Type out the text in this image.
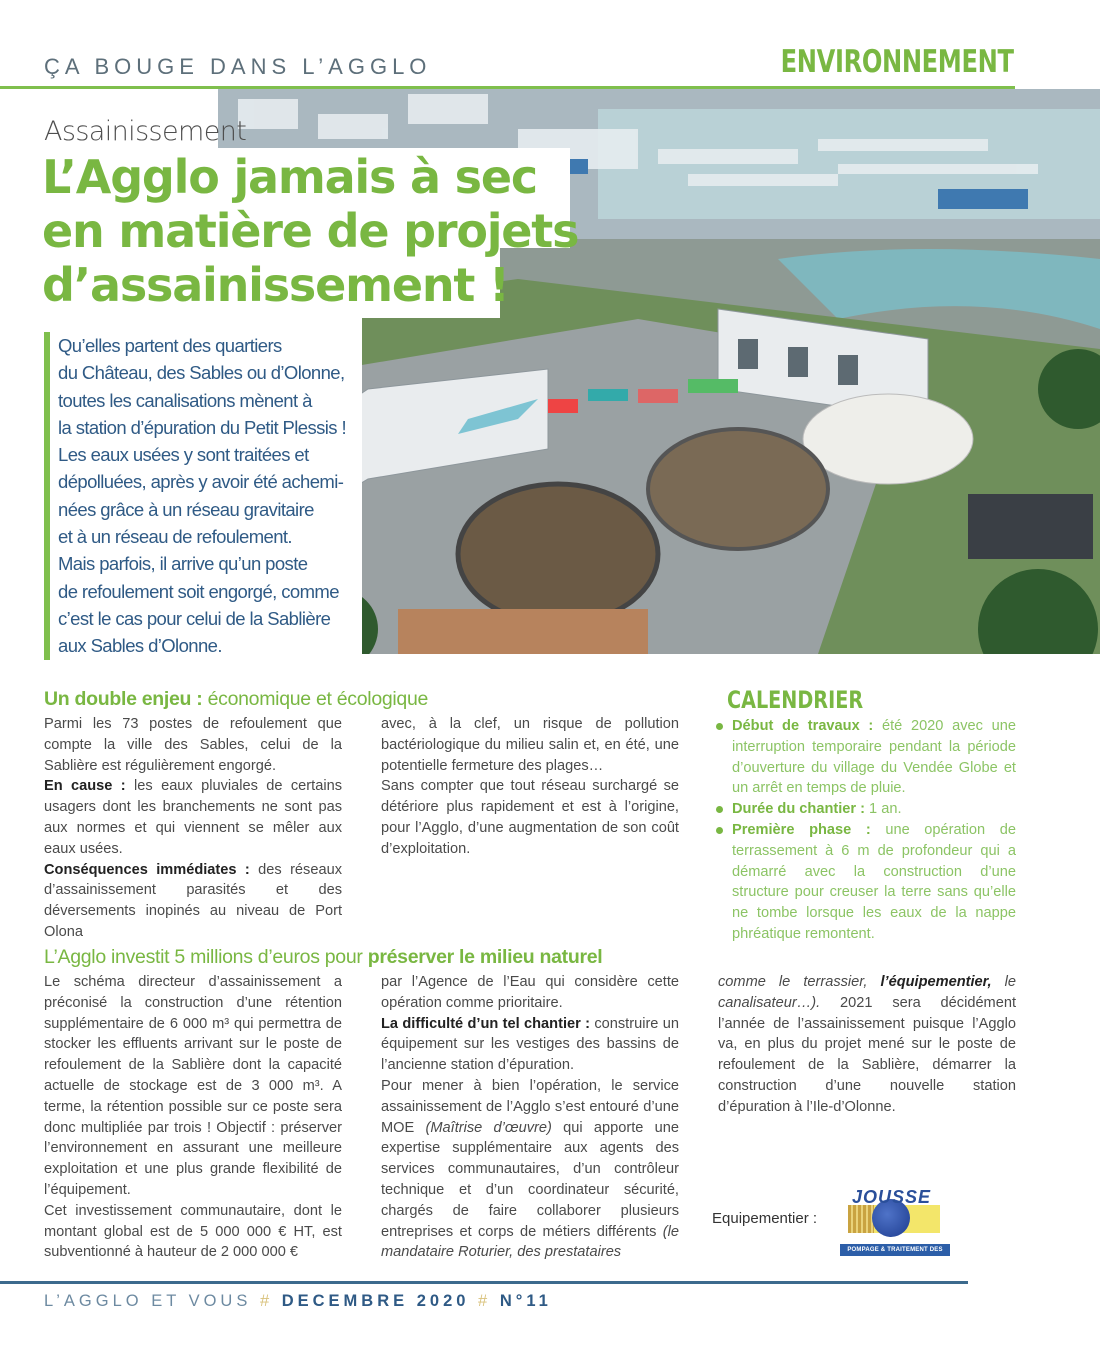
ÇA BOUGE DANS L’AGGLO	ENVIRONNEMENT
Assainissement
L’Agglo jamais à sec
en matière de projets
d’assainissement !

Qu’elles partent des quartiers

du Château, des Sables ou d’Olonne,

toutes les canalisations mènent à

la station d’épuration du Petit Plessis !

Les eaux usées y sont traitées et

dépolluées, après y avoir été achemi-

nées grâce à un réseau gravitaire

et à un réseau de refoulement.

Mais parfois, il arrive qu’un poste

de refoulement soit engorgé, comme

c’est le cas pour celui de la Sablière

aux Sables d’Olonne.

Un double enjeu : économique et écologique

Parmi les 73 postes de refoulement que compte la ville des Sables, celui de la Sablière est régulièrement engorgé.

En cause : les eaux pluviales de certains usagers dont les branchements ne sont pas aux normes et qui viennent se mêler aux eaux usées.

Conséquences immédiates : des réseaux d’assainissement parasités et des déversements inopinés au niveau de Port Olona

avec, à la clef, un risque de pollution bactériologique du milieu salin et, en été, une potentielle fermeture des plages…

Sans compter que tout réseau surchargé se détériore plus rapidement et est à l’origine, pour l’Agglo, d’une augmentation de son coût d’exploitation.

CALENDRIER
Début de travaux : été 2020 avec une interruption temporaire pendant la période d’ouverture du village du Vendée Globe et un arrêt en temps de pluie.
Durée du chantier : 1 an.
Première phase : une opération de terrassement à 6 m de profondeur qui a démarré avec la construction d’une structure pour creuser la terre sans qu’elle ne tombe lorsque les eaux de la nappe phréatique remontent.
L’Agglo investit 5 millions d’euros pour préserver le milieu naturel

Le schéma directeur d’assainissement a préconisé la construction d’une rétention supplémentaire de 6 000 m³ qui permettra de stocker les effluents arrivant sur le poste de refoulement de la Sablière dont la capacité actuelle de stockage est de 3 000 m³. A terme, la rétention possible sur ce poste sera donc multipliée par trois ! Objectif : préserver l’environnement en assurant une meilleure exploitation et une plus grande flexibilité de l’équipement.

Cet investissement communautaire, dont le montant global est de 5 000 000 € HT, est subventionné à hauteur de 2 000 000 €

par l’Agence de l’Eau qui considère cette opération comme prioritaire.

La difficulté d’un tel chantier : construire un équipement sur les vestiges des bassins de l’ancienne station d’épuration.

Pour mener à bien l’opération, le service assainissement de l’Agglo s’est entouré d’une MOE (Maîtrise d’œuvre) qui apporte une expertise supplémentaire aux agents des services communautaires, d’un contrôleur technique et d’un coordinateur sécurité, chargés de faire collaborer plusieurs entreprises et corps de métiers différents (le mandataire Roturier, des prestataires

comme le terrassier, l’équipementier, le canalisateur…). 2021 sera décidément l’année de l’assainissement puisque l’Agglo va, en plus du projet mené sur le poste de refoulement de la Sablière, démarrer la construction d’une nouvelle station d’épuration à l’Ile-d’Olonne.

Equipementier :
JOUSSE
POMPAGE & TRAITEMENT DES EAUX
L’AGGLO ET VOUS # DECEMBRE 2020 # N°11
